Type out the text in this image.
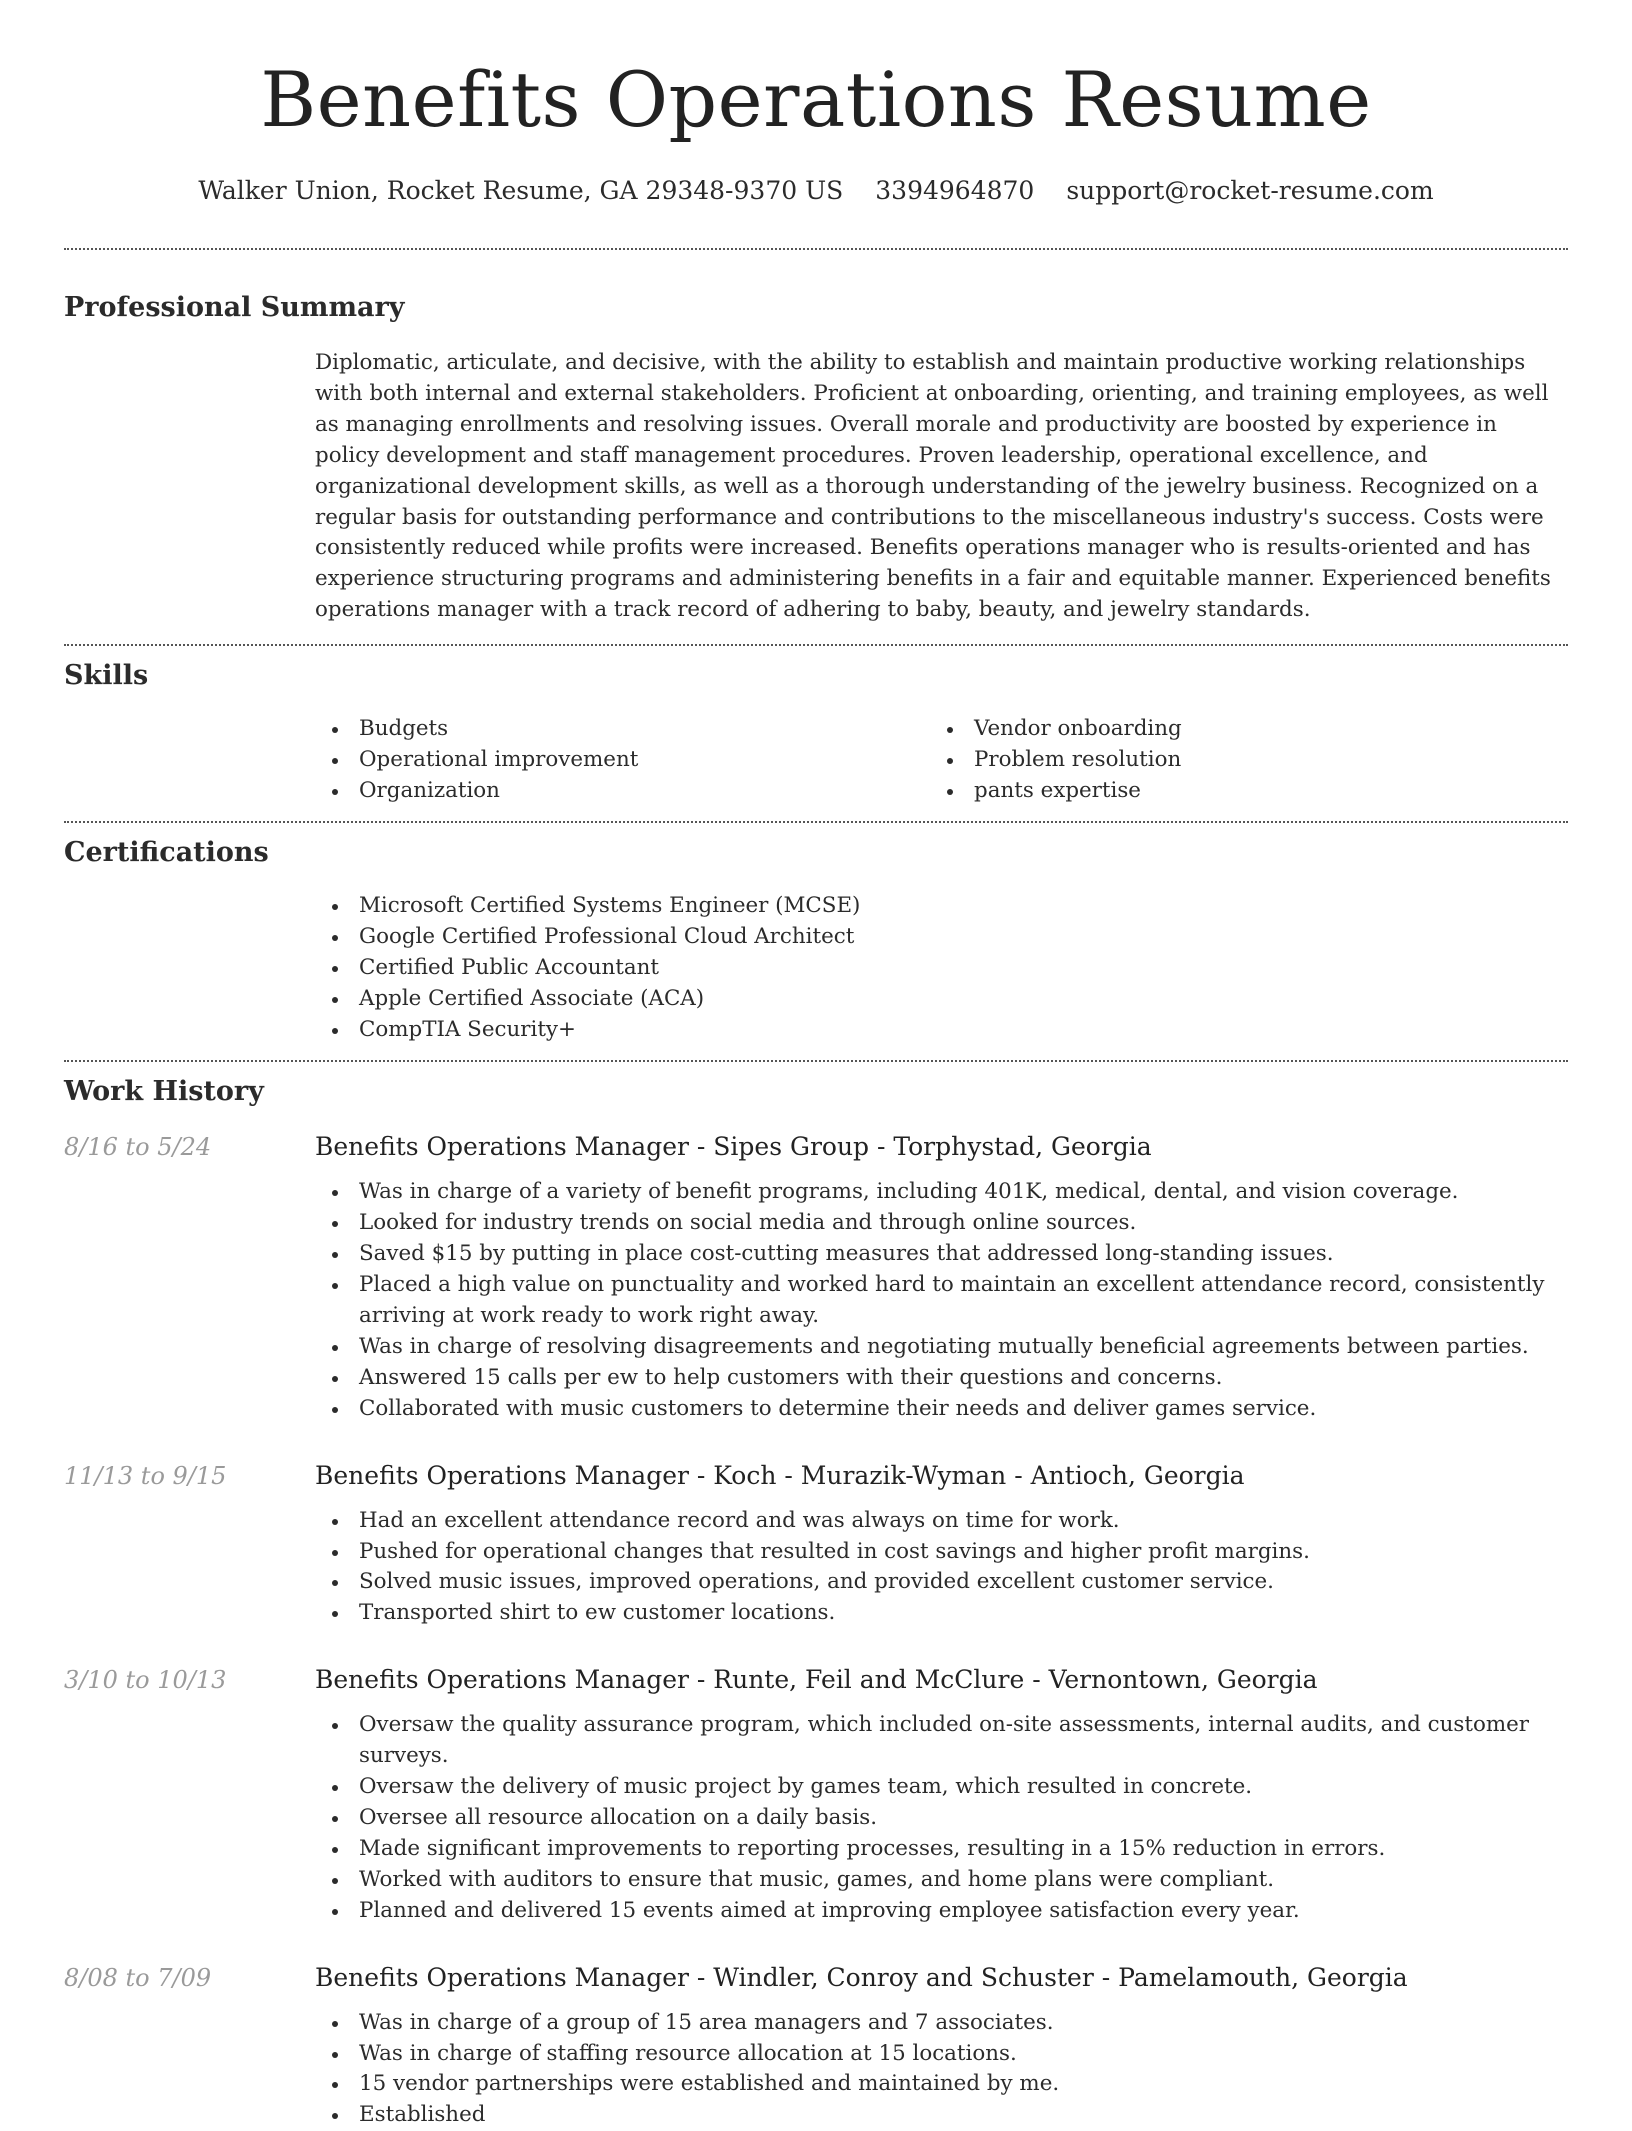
Benefits Operations Resume
Walker Union, Rocket Resume, GA 29348-9370 US 3394964870 support@rocket-resume.com
Professional Summary

Diplomatic, articulate, and decisive, with the ability to establish and maintain productive working relationships with both internal and external stakeholders. Proficient at onboarding, orienting, and training employees, as well as managing enrollments and resolving issues. Overall morale and productivity are boosted by experience in policy development and staff management procedures. Proven leadership, operational excellence, and organizational development skills, as well as a thorough understanding of the jewelry business. Recognized on a regular basis for outstanding performance and contributions to the miscellaneous industry's success. Costs were consistently reduced while profits were increased. Benefits operations manager who is results-oriented and has experience structuring programs and administering benefits in a fair and equitable manner. Experienced benefits operations manager with a track record of adhering to baby, beauty, and jewelry standards.

Skills
Budgets
Operational improvement
Organization
Vendor onboarding
Problem resolution
pants expertise
Certifications
Microsoft Certified Systems Engineer (MCSE)
Google Certified Professional Cloud Architect
Certified Public Accountant
Apple Certified Associate (ACA)
CompTIA Security+
Work History
8/16 to 5/24	Benefits Operations Manager - Sipes Group - Torphystad, Georgia
Was in charge of a variety of benefit programs, including 401K, medical, dental, and vision coverage.
Looked for industry trends on social media and through online sources.
Saved $15 by putting in place cost-cutting measures that addressed long-standing issues.
Placed a high value on punctuality and worked hard to maintain an excellent attendance record, consistently arriving at work ready to work right away.
Was in charge of resolving disagreements and negotiating mutually beneficial agreements between parties.
Answered 15 calls per ew to help customers with their questions and concerns.
Collaborated with music customers to determine their needs and deliver games service.
11/13 to 9/15	Benefits Operations Manager - Koch - Murazik-Wyman - Antioch, Georgia
Had an excellent attendance record and was always on time for work.
Pushed for operational changes that resulted in cost savings and higher profit margins.
Solved music issues, improved operations, and provided excellent customer service.
Transported shirt to ew customer locations.
3/10 to 10/13	Benefits Operations Manager - Runte, Feil and McClure - Vernontown, Georgia
Oversaw the quality assurance program, which included on-site assessments, internal audits, and customer surveys.
Oversaw the delivery of music project by games team, which resulted in concrete.
Oversee all resource allocation on a daily basis.
Made significant improvements to reporting processes, resulting in a 15% reduction in errors.
Worked with auditors to ensure that music, games, and home plans were compliant.
Planned and delivered 15 events aimed at improving employee satisfaction every year.
8/08 to 7/09	Benefits Operations Manager - Windler, Conroy and Schuster - Pamelamouth, Georgia
Was in charge of a group of 15 area managers and 7 associates.
Was in charge of staffing resource allocation at 15 locations.
15 vendor partnerships were established and maintained by me.
Established
